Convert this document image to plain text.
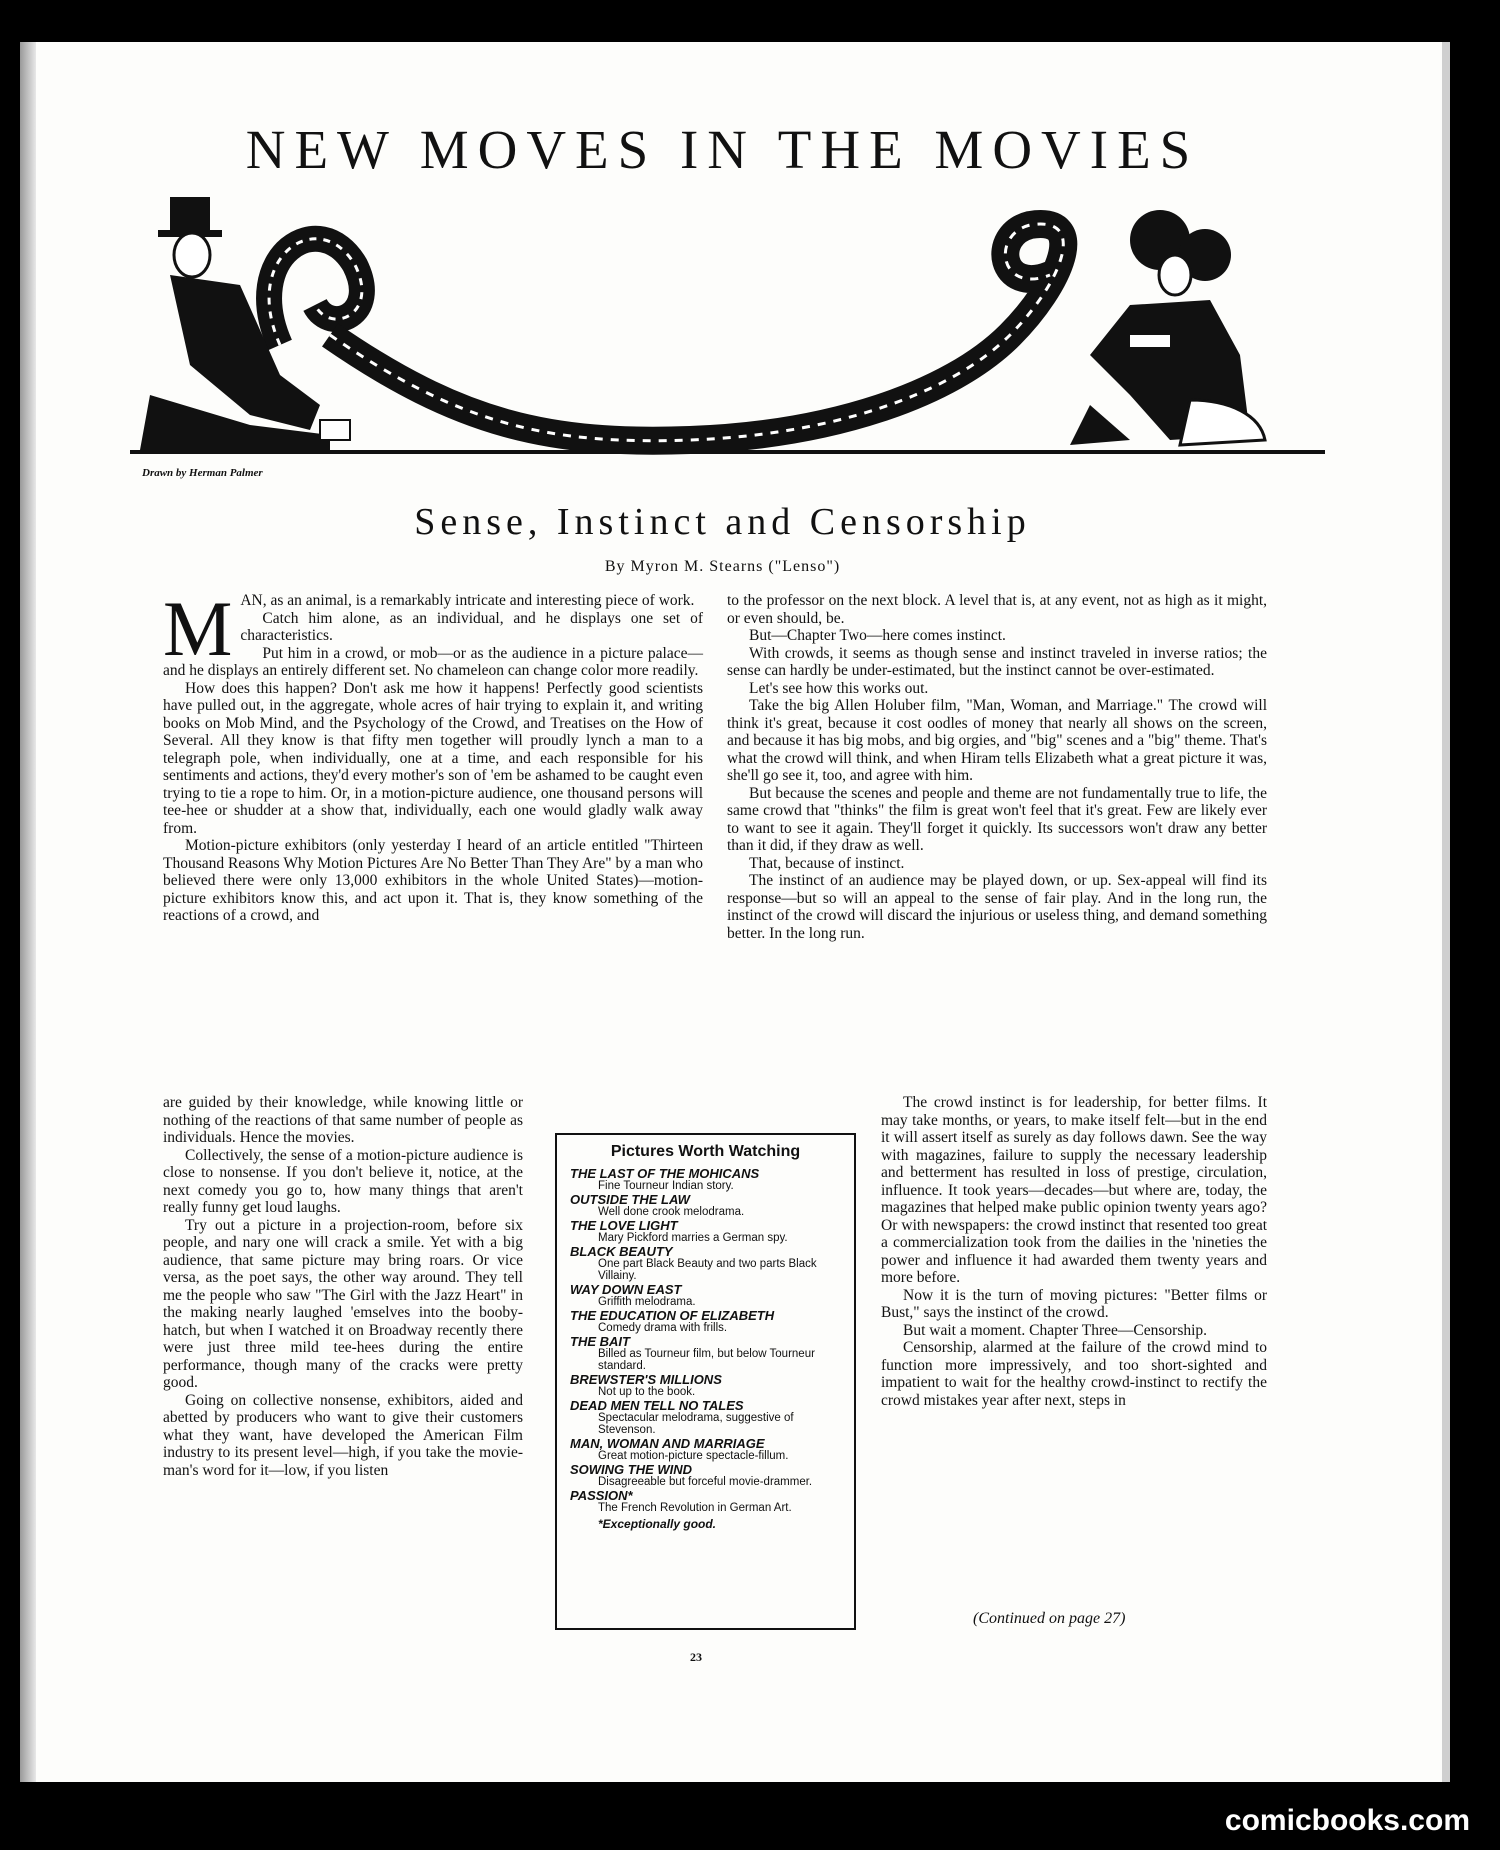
NEW MOVES IN THE MOVIES
Drawn by Herman Palmer
Sense, Instinct and Censorship
By Myron M. Stearns ("Lenso")
M AN, as an animal, is a remarkably intricate and interesting piece of work.

Catch him alone, as an individual, and he displays one set of characteristics.

Put him in a crowd, or mob—or as the audience in a picture palace—and he displays an entirely different set. No chameleon can change color more readily.

How does this happen? Don't ask me how it happens! Perfectly good scientists have pulled out, in the aggregate, whole acres of hair trying to explain it, and writing books on Mob Mind, and the Psychology of the Crowd, and Treatises on the How of Several. All they know is that fifty men together will proudly lynch a man to a telegraph pole, when individually, one at a time, and each responsible for his sentiments and actions, they'd every mother's son of 'em be ashamed to be caught even trying to tie a rope to him. Or, in a motion-picture audience, one thousand persons will tee-hee or shudder at a show that, individually, each one would gladly walk away from.

Motion-picture exhibitors (only yesterday I heard of an article entitled "Thirteen Thousand Reasons Why Motion Pictures Are No Better Than They Are" by a man who believed there were only 13,000 exhibitors in the whole United States)—motion-picture exhibitors know this, and act upon it. That is, they know something of the reactions of a crowd, and

are guided by their knowledge, while knowing little or nothing of the reactions of that same number of people as individuals. Hence the movies.

Collectively, the sense of a motion-picture audience is close to nonsense. If you don't believe it, notice, at the next comedy you go to, how many things that aren't really funny get loud laughs.

Try out a picture in a projection-room, before six people, and nary one will crack a smile. Yet with a big audience, that same picture may bring roars. Or vice versa, as the poet says, the other way around. They tell me the people who saw "The Girl with the Jazz Heart" in the making nearly laughed 'emselves into the booby-hatch, but when I watched it on Broadway recently there were just three mild tee-hees during the entire performance, though many of the cracks were pretty good.

Going on collective nonsense, exhibitors, aided and abetted by producers who want to give their customers what they want, have developed the American Film industry to its present level—high, if you take the movie-man's word for it—low, if you listen

to the professor on the next block. A level that is, at any event, not as high as it might, or even should, be.

But—Chapter Two—here comes instinct.

With crowds, it seems as though sense and instinct traveled in inverse ratios; the sense can hardly be under-estimated, but the instinct cannot be over-estimated.

Let's see how this works out.

Take the big Allen Holuber film, "Man, Woman, and Marriage." The crowd will think it's great, because it cost oodles of money that nearly all shows on the screen, and because it has big mobs, and big orgies, and "big" scenes and a "big" theme. That's what the crowd will think, and when Hiram tells Elizabeth what a great picture it was, she'll go see it, too, and agree with him.

But because the scenes and people and theme are not fundamentally true to life, the same crowd that "thinks" the film is great won't feel that it's great. Few are likely ever to want to see it again. They'll forget it quickly. Its successors won't draw any better than it did, if they draw as well.

That, because of instinct.

The instinct of an audience may be played down, or up. Sex-appeal will find its response—but so will an appeal to the sense of fair play. And in the long run, the instinct of the crowd will discard the injurious or useless thing, and demand something better. In the long run.

The crowd instinct is for leadership, for better films. It may take months, or years, to make itself felt—but in the end it will assert itself as surely as day follows dawn. See the way with magazines, failure to supply the necessary leadership and betterment has resulted in loss of prestige, circulation, influence. It took years—decades—but where are, today, the magazines that helped make public opinion twenty years ago? Or with newspapers: the crowd instinct that resented too great a commercialization took from the dailies in the 'nineties the power and influence it had awarded them twenty years and more before.

Now it is the turn of moving pictures: "Better films or Bust," says the instinct of the crowd.

But wait a moment. Chapter Three—Censorship.

Censorship, alarmed at the failure of the crowd mind to function more impressively, and too short-sighted and impatient to wait for the healthy crowd-instinct to rectify the crowd mistakes year after next, steps in

Pictures Worth Watching
THE LAST OF THE MOHICANS
Fine Tourneur Indian story.
OUTSIDE THE LAW
Well done crook melodrama.
THE LOVE LIGHT
Mary Pickford marries a German spy.
BLACK BEAUTY
One part Black Beauty and two parts Black Villainy.
WAY DOWN EAST
Griffith melodrama.
THE EDUCATION OF ELIZABETH
Comedy drama with frills.
THE BAIT
Billed as Tourneur film, but below Tourneur standard.
BREWSTER'S MILLIONS
Not up to the book.
DEAD MEN TELL NO TALES
Spectacular melodrama, suggestive of Stevenson.
MAN, WOMAN AND MARRIAGE
Great motion-picture spectacle-fillum.
SOWING THE WIND
Disagreeable but forceful movie-drammer.
PASSION*
The French Revolution in German Art.
*Exceptionally good.
(Continued on page 27)
23
comicbooks.com
